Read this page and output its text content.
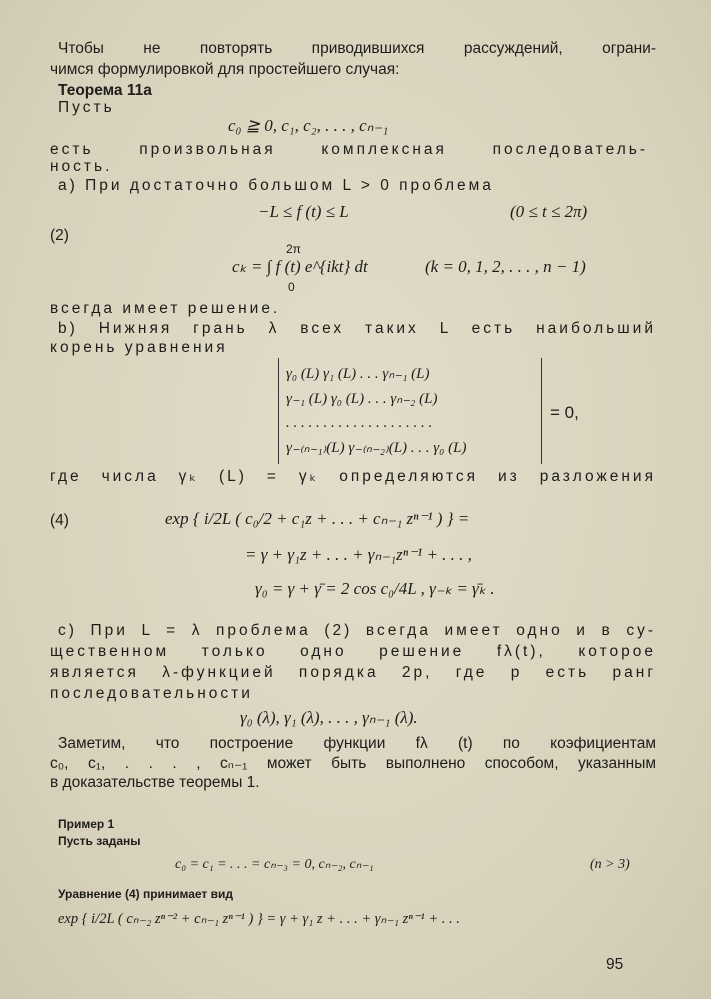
Чтобы не повторять приводившихся рассуждений, ограни-
чимся формулировкой для простейшего случая:
Теорема 11а
Пусть
c₀ ≧ 0, c₁, c₂, . . . , cₙ₋₁
есть произвольная комплексная последователь-
ность.
а) При достаточно большом L > 0 проблема
−L ≤ f (t) ≤ L	(0 ≤ t ≤ 2π)
(2)
2π
cₖ = ∫ f (t) e^{ikt} dt	(k = 0, 1, 2, . . . , n − 1)
0
всегда имеет решение.
b) Нижняя грань λ всех таких L есть наибольший
корень уравнения
γ₀ (L) γ₁ (L) . . . γₙ₋₁ (L)
γ₋₁ (L) γ₀ (L) . . . γₙ₋₂ (L)
. . . . . . . . . . . . . . . . . . . .
γ₋₍ₙ₋₁₎(L) γ₋₍ₙ₋₂₎(L) . . . γ₀ (L)
= 0,
где числа γₖ (L) = γₖ определяются из разложения
(4)	exp { i/2L ( c₀/2 + c₁z + . . . + cₙ₋₁ zⁿ⁻¹ ) } =
= γ + γ₁z + . . . + γₙ₋₁zⁿ⁻¹ + . . . ,
γ₀ = γ + γ̄ = 2 cos c₀/4L , γ₋ₖ = γ̄ₖ .
c) При L = λ проблема (2) всегда имеет одно и в су-
щественном только одно решение fλ(t), которое
является λ-функцией порядка 2p, где p есть ранг
последовательности
γ₀ (λ), γ₁ (λ), . . . , γₙ₋₁ (λ).
Заметим, что построение функции fλ (t) по коэфициентам
c₀, c₁, . . . , cₙ₋₁ может быть выполнено способом, указанным
в доказательстве теоремы 1.
Пример 1
Пусть заданы
c₀ = c₁ = . . . = cₙ₋₃ = 0, cₙ₋₂, cₙ₋₁	(n > 3)
Уравнение (4) принимает вид
exp { i/2L ( cₙ₋₂ zⁿ⁻² + cₙ₋₁ zⁿ⁻¹ ) } = γ + γ₁ z + . . . + γₙ₋₁ zⁿ⁻¹ + . . .
95
